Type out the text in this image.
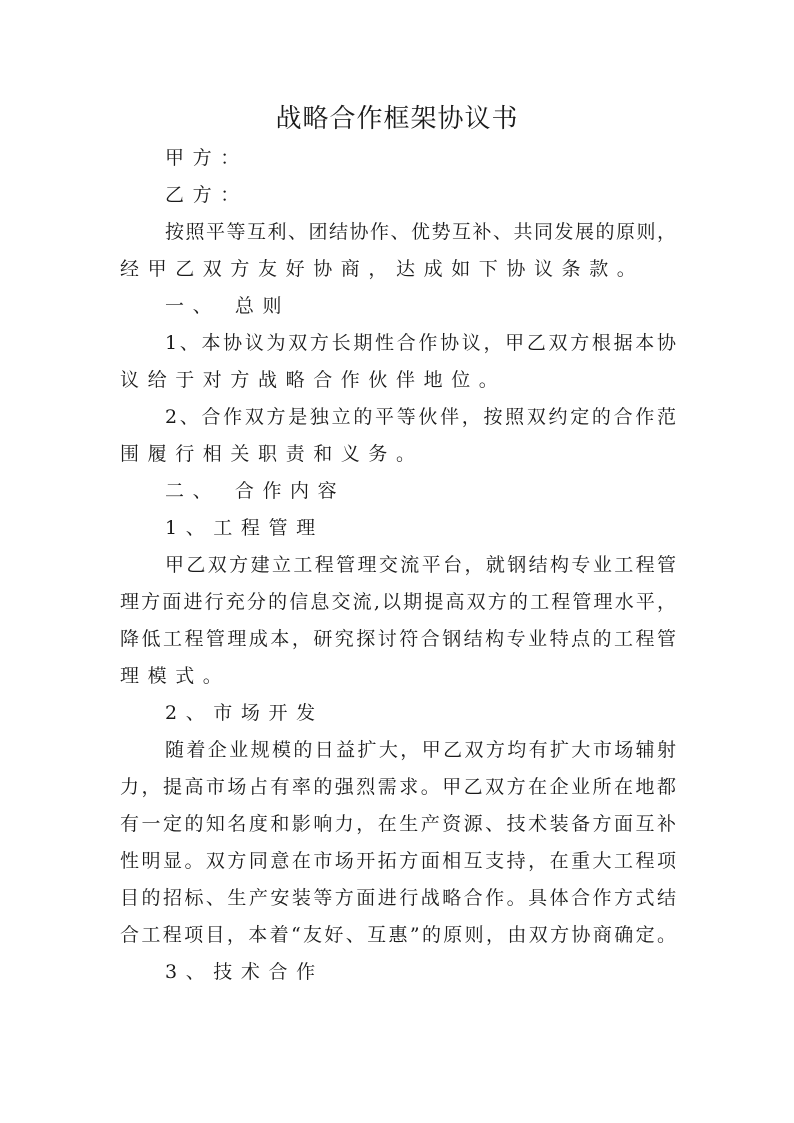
战略合作框架协议书
甲方：
乙方：
按照平等互利、团结协作、优势互补、共同发展的原则，
经甲乙双方友好协商，达成如下协议条款。
一、 总则
1、本协议为双方长期性合作协议，甲乙双方根据本协
议给于对方战略合作伙伴地位。
2、合作双方是独立的平等伙伴，按照双约定的合作范
围履行相关职责和义务。
二、 合作内容
1、工程管理
甲乙双方建立工程管理交流平台，就钢结构专业工程管
理方面进行充分的信息交流,以期提高双方的工程管理水平，
降低工程管理成本，研究探讨符合钢结构专业特点的工程管
理模式。
2、市场开发
随着企业规模的日益扩大，甲乙双方均有扩大市场辅射
力，提高市场占有率的强烈需求。甲乙双方在企业所在地都
有一定的知名度和影响力，在生产资源、技术装备方面互补
性明显。双方同意在市场开拓方面相互支持，在重大工程项
目的招标、生产安装等方面进行战略合作。具体合作方式结
合工程项目，本着“友好、互惠”的原则，由双方协商确定。
3、技术合作
